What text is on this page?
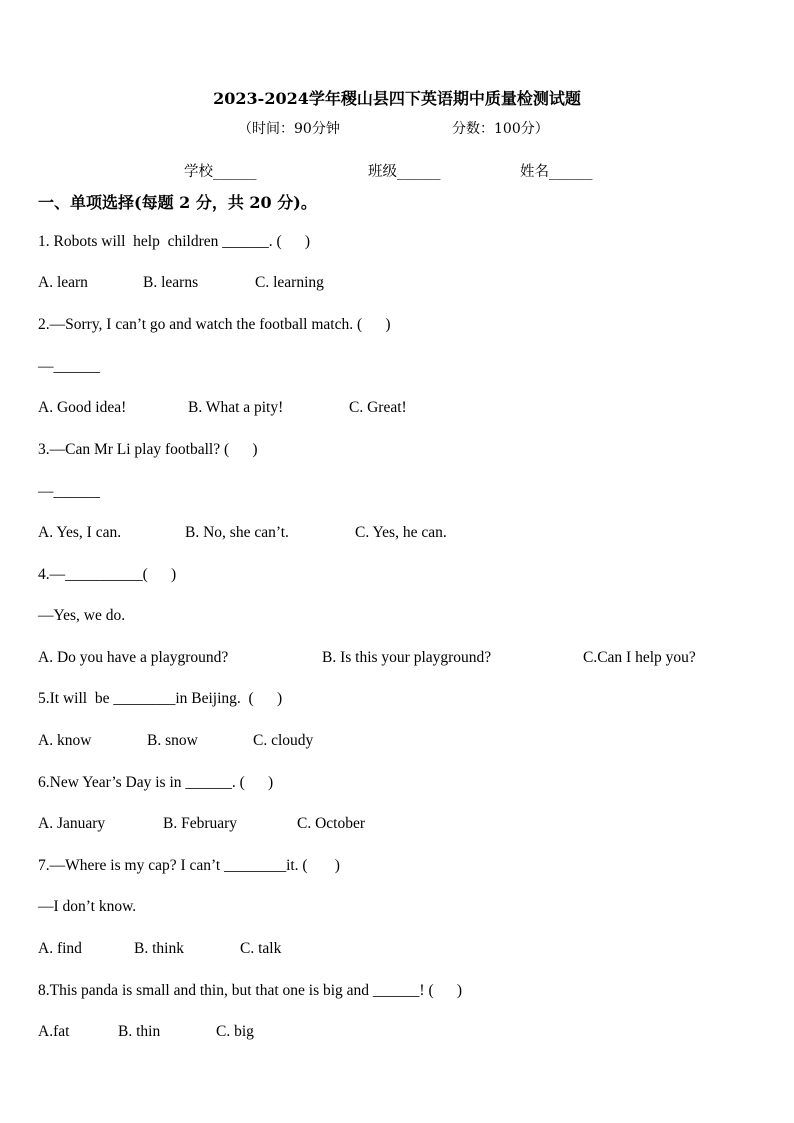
2023-2024学年稷山县四下英语期中质量检测试题
（时间：90分钟	分数：100分）
学校______	班级______	姓名______
一、单项选择(每题 2 分，共 20 分)。
1. Robots will  help  children ______. (      )
A. learn	B. learns	C. learning
2.—Sorry, I can’t go and watch the football match. (      )
—______
A. Good idea!	B. What a pity!	C. Great!
3.—Can Mr Li play football? (      )
—______
A. Yes, I can.	B. No, she can’t.	C. Yes, he can.
4.—__________(      )
—Yes, we do.
A. Do you have a playground?	B. Is this your playground?	C.Can I help you?
5.It will  be ________in Beijing.  (      )
A. know	B. snow	C. cloudy
6.New Year’s Day is in ______. (      )
A. January	B. February	C. October
7.—Where is my cap? I can’t ________it. (       )
—I don’t know.
A. find	B. think	C. talk
8.This panda is small and thin, but that one is big and ______! (      )
A.fat	B. thin	C. big
